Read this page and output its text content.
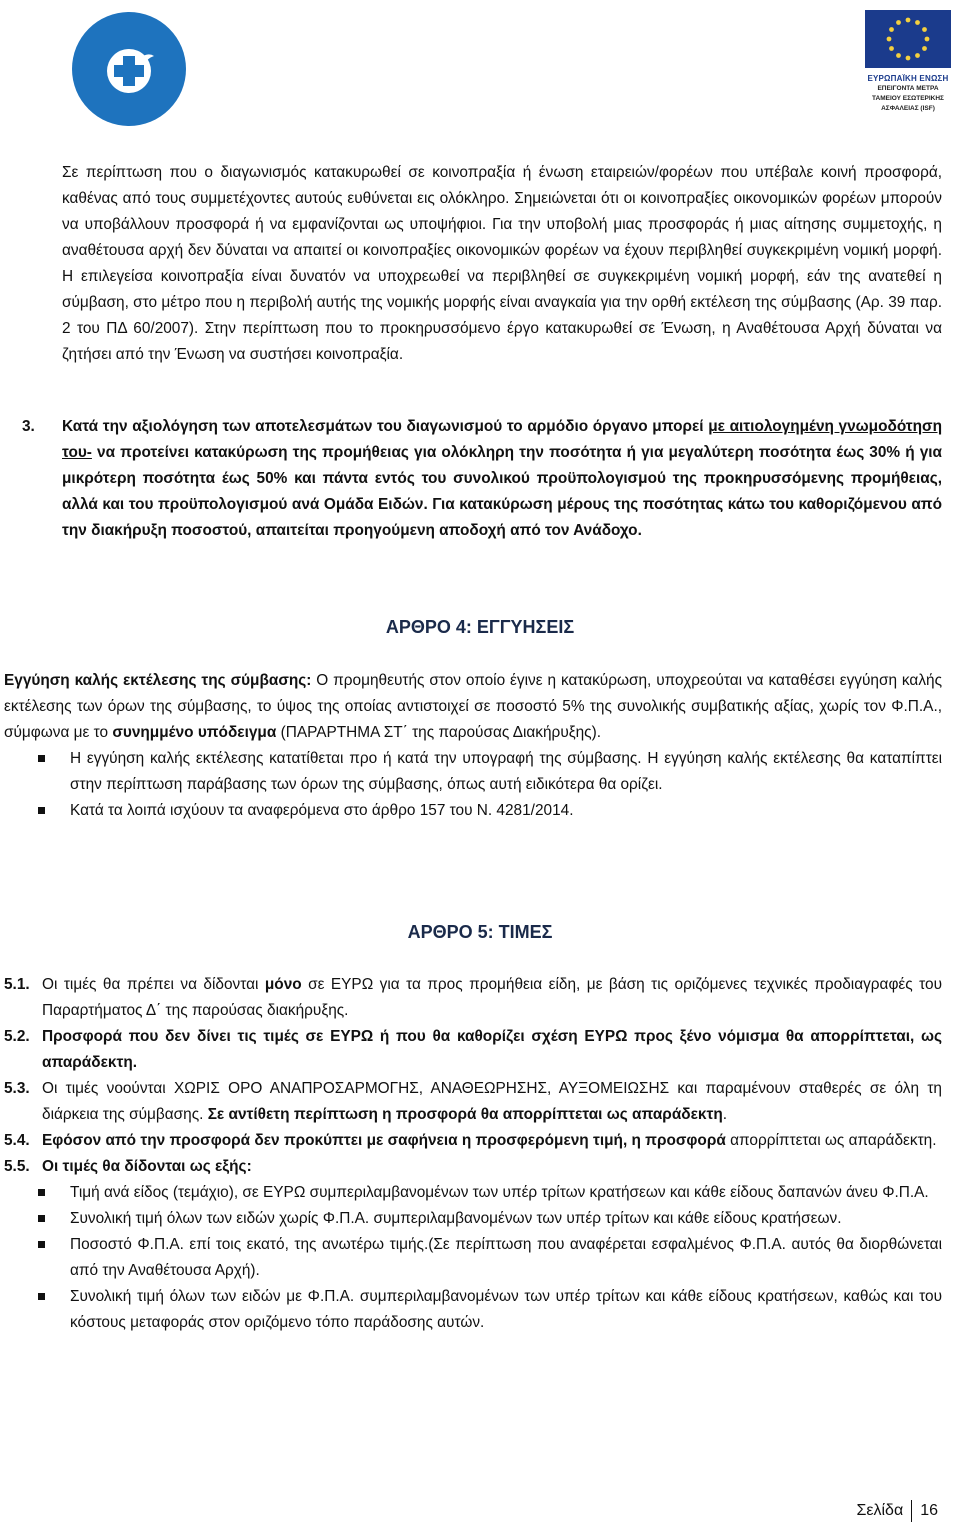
ΕΥΡΩΠΑΪΚΗ ΕΝΩΣΗ
ΕΠΕΙΓΟΝΤΑ ΜΕΤΡΑ
ΤΑΜΕΙΟΥ ΕΣΩΤΕΡΙΚΗΣ
ΑΣΦΑΛΕΙΑΣ (ISF)

Σε περίπτωση που ο διαγωνισμός κατακυρωθεί σε κοινοπραξία ή ένωση εταιρειών/φορέων που υπέβαλε κοινή προσφορά, καθένας από τους συμμετέχοντες αυτούς ευθύνεται εις ολόκληρο. Σημειώνεται ότι οι κοινοπραξίες οικονομικών φορέων μπορούν να υποβάλλουν προσφορά ή να εμφανίζονται ως υποψήφιοι. Για την υποβολή μιας προσφοράς ή μιας αίτησης συμμετοχής, η αναθέτουσα αρχή δεν δύναται να απαιτεί οι κοινοπραξίες οικονομικών φορέων να έχουν περιβληθεί συγκεκριμένη νομική μορφή. Η επιλεγείσα κοινοπραξία είναι δυνατόν να υποχρεωθεί να περιβληθεί σε συγκεκριμένη νομική μορφή, εάν της ανατεθεί η σύμβαση, στο μέτρο που η περιβολή αυτής της νομικής μορφής είναι αναγκαία για την ορθή εκτέλεση της σύμβασης (Αρ. 39 παρ. 2 του ΠΔ 60/2007). Στην περίπτωση που το προκηρυσσόμενο έργο κατακυρωθεί σε Ένωση, η Αναθέτουσα Αρχή δύναται να ζητήσει από την Ένωση να συστήσει κοινοπραξία.

3. Κατά την αξιολόγηση των αποτελεσμάτων του διαγωνισμού το αρμόδιο όργανο μπορεί με αιτιολογημένη γνωμοδότηση του- να προτείνει κατακύρωση της προμήθειας για ολόκληρη την ποσότητα ή για μεγαλύτερη ποσότητα έως 30% ή για μικρότερη ποσότητα έως 50% και πάντα εντός του συνολικού προϋπολογισμού της προκηρυσσόμενης προμήθειας, αλλά και του προϋπολογισμού ανά Ομάδα Ειδών. Για κατακύρωση μέρους της ποσότητας κάτω του καθοριζόμενου από την διακήρυξη ποσοστού, απαιτείται προηγούμενη αποδοχή από τον Ανάδοχο.
ΑΡΘΡΟ 4: ΕΓΓΥΗΣΕΙΣ

Εγγύηση καλής εκτέλεσης της σύμβασης: Ο προμηθευτής στον οποίο έγινε η κατακύρωση, υποχρεούται να καταθέσει εγγύηση καλής εκτέλεσης των όρων της σύμβασης, το ύψος της οποίας αντιστοιχεί σε ποσοστό 5% της συνολικής συμβατικής αξίας, χωρίς τον Φ.Π.Α., σύμφωνα με το συνημμένο υπόδειγμα (ΠΑΡΑΡΤΗΜΑ ΣΤ΄ της παρούσας Διακήρυξης).

Η εγγύηση καλής εκτέλεσης κατατίθεται προ ή κατά την υπογραφή της σύμβασης. Η εγγύηση καλής εκτέλεσης θα καταπίπτει στην περίπτωση παράβασης των όρων της σύμβασης, όπως αυτή ειδικότερα θα ορίζει.
Κατά τα λοιπά ισχύουν τα αναφερόμενα στο άρθρο 157 του Ν. 4281/2014.
ΑΡΘΡΟ 5: ΤΙΜΕΣ
5.1. Οι τιμές θα πρέπει να δίδονται μόνο σε ΕΥΡΩ για τα προς προμήθεια είδη, με βάση τις οριζόμενες τεχνικές προδιαγραφές του Παραρτήματος Δ΄ της παρούσας διακήρυξης.
5.2. Προσφορά που δεν δίνει τις τιμές σε ΕΥΡΩ ή που θα καθορίζει σχέση ΕΥΡΩ προς ξένο νόμισμα θα απορρίπτεται, ως απαράδεκτη.
5.3. Οι τιμές νοούνται ΧΩΡΙΣ ΟΡΟ ΑΝΑΠΡΟΣΑΡΜΟΓΗΣ, ΑΝΑΘΕΩΡΗΣΗΣ, ΑΥΞΟΜΕΙΩΣΗΣ και παραμένουν σταθερές σε όλη τη διάρκεια της σύμβασης. Σε αντίθετη περίπτωση η προσφορά θα απορρίπτεται ως απαράδεκτη.
5.4. Εφόσον από την προσφορά δεν προκύπτει με σαφήνεια η προσφερόμενη τιμή, η προσφορά απορρίπτεται ως απαράδεκτη.
5.5. Οι τιμές θα δίδονται ως εξής:
Τιμή ανά είδος (τεμάχιο), σε ΕΥΡΩ συμπεριλαμβανομένων των υπέρ τρίτων κρατήσεων και κάθε είδους δαπανών άνευ Φ.Π.Α.
Συνολική τιμή όλων των ειδών χωρίς Φ.Π.Α. συμπεριλαμβανομένων των υπέρ τρίτων και κάθε είδους κρατήσεων.
Ποσοστό Φ.Π.Α. επί τοις εκατό, της ανωτέρω τιμής.(Σε περίπτωση που αναφέρεται εσφαλμένος Φ.Π.Α. αυτός θα διορθώνεται από την Αναθέτουσα Αρχή).
Συνολική τιμή όλων των ειδών με Φ.Π.Α. συμπεριλαμβανομένων των υπέρ τρίτων και κάθε είδους κρατήσεων, καθώς και του κόστους μεταφοράς στον οριζόμενο τόπο παράδοσης αυτών.
Σελίδα 16
